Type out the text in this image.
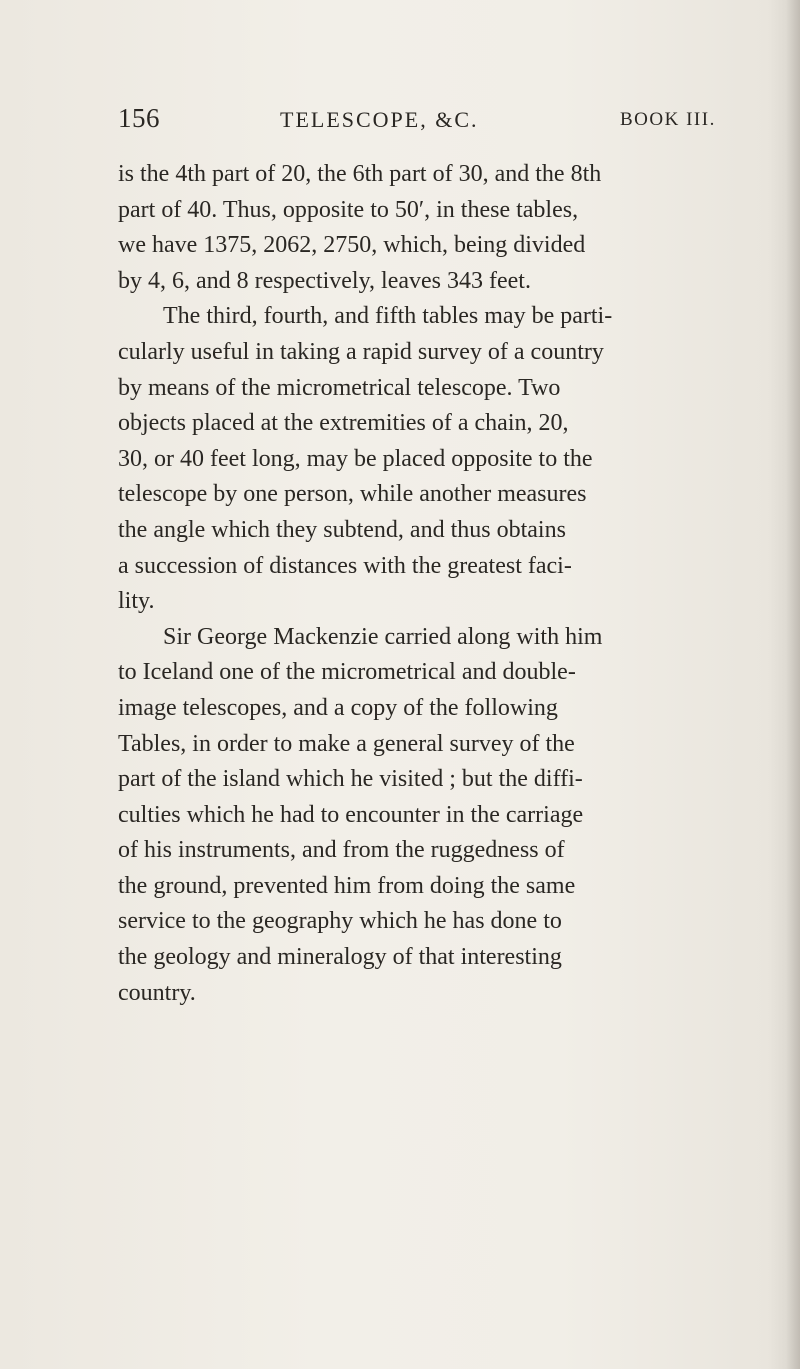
156	TELESCOPE, &C.	BOOK III.
is the 4th part of 20, the 6th part of 30, and the 8th
part of 40. Thus, opposite to 50′, in these tables,
we have 1375, 2062, 2750, which, being divided
by 4, 6, and 8 respectively, leaves 343 feet.
The third, fourth, and fifth tables may be parti-
cularly useful in taking a rapid survey of a country
by means of the micrometrical telescope. Two
objects placed at the extremities of a chain, 20,
30, or 40 feet long, may be placed opposite to the
telescope by one person, while another measures
the angle which they subtend, and thus obtains
a succession of distances with the greatest faci-
lity.
Sir George Mackenzie carried along with him
to Iceland one of the micrometrical and double-
image telescopes, and a copy of the following
Tables, in order to make a general survey of the
part of the island which he visited ; but the diffi-
culties which he had to encounter in the carriage
of his instruments, and from the ruggedness of
the ground, prevented him from doing the same
service to the geography which he has done to
the geology and mineralogy of that interesting
country.
